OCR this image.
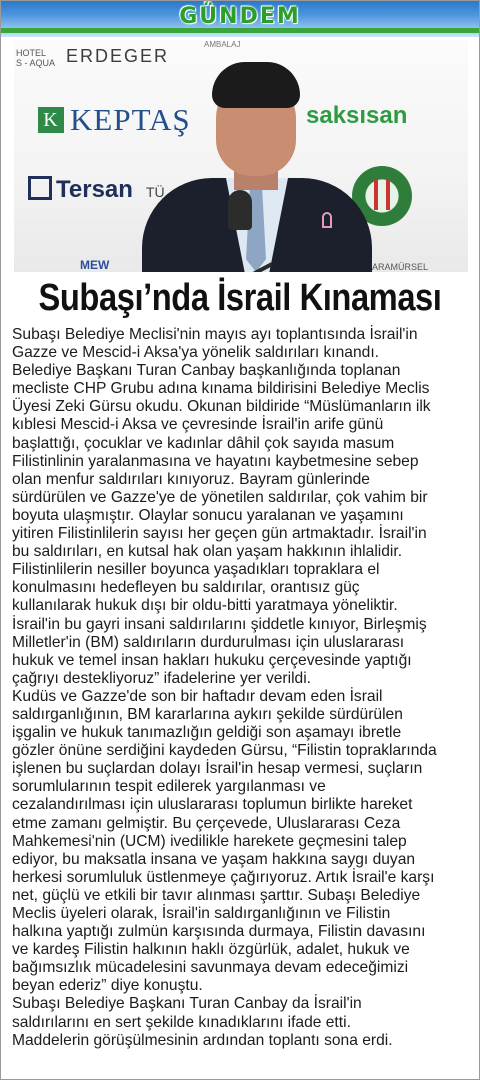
GÜNDEM
HOTEL
S - AQUA ERDEGER
AMBALAJ
K KEPTAŞ	saksısan
Tersan TÜ
MEW	ARAMÜRSEL
Subaşı’nda İsrail Kınaması
Subaşı Belediye Meclisi'nin mayıs ayı toplantısında İsrail'in
Gazze ve Mescid-i Aksa'ya yönelik saldırıları kınandı.
Belediye Başkanı Turan Canbay başkanlığında toplanan
mecliste CHP Grubu adına kınama bildirisini Belediye Meclis
Üyesi Zeki Gürsu okudu. Okunan bildiride “Müslümanların ilk
kıblesi Mescid-i Aksa ve çevresinde İsrail'in arife günü
başlattığı, çocuklar ve kadınlar dâhil çok sayıda masum
Filistinlinin yaralanmasına ve hayatını kaybetmesine sebep
olan menfur saldırıları kınıyoruz. Bayram günlerinde
sürdürülen ve Gazze'ye de yönetilen saldırılar, çok vahim bir
boyuta ulaşmıştır. Olaylar sonucu yaralanan ve yaşamını
yitiren Filistinlilerin sayısı her geçen gün artmaktadır. İsrail'in
bu saldırıları, en kutsal hak olan yaşam hakkının ihlalidir.
Filistinlilerin nesiller boyunca yaşadıkları topraklara el
konulmasını hedefleyen bu saldırılar, orantısız güç
kullanılarak hukuk dışı bir oldu-bitti yaratmaya yöneliktir.
İsrail'in bu gayri insani saldırılarını şiddetle kınıyor, Birleşmiş
Milletler'in (BM) saldırıların durdurulması için uluslararası
hukuk ve temel insan hakları hukuku çerçevesinde yaptığı
çağrıyı destekliyoruz” ifadelerine yer verildi.
Kudüs ve Gazze'de son bir haftadır devam eden İsrail
saldırganlığının, BM kararlarına aykırı şekilde sürdürülen
işgalin ve hukuk tanımazlığın geldiği son aşamayı ibretle
gözler önüne serdiğini kaydeden Gürsu, “Filistin topraklarında
işlenen bu suçlardan dolayı İsrail'in hesap vermesi, suçların
sorumlularının tespit edilerek yargılanması ve
cezalandırılması için uluslararası toplumun birlikte hareket
etme zamanı gelmiştir. Bu çerçevede, Uluslararası Ceza
Mahkemesi'nin (UCM) ivedilikle harekete geçmesini talep
ediyor, bu maksatla insana ve yaşam hakkına saygı duyan
herkesi sorumluluk üstlenmeye çağırıyoruz. Artık İsrail'e karşı
net, güçlü ve etkili bir tavır alınması şarttır. Subaşı Belediye
Meclis üyeleri olarak, İsrail'in saldırganlığının ve Filistin
halkına yaptığı zulmün karşısında durmaya, Filistin davasını
ve kardeş Filistin halkının haklı özgürlük, adalet, hukuk ve
bağımsızlık mücadelesini savunmaya devam edeceğimizi
beyan ederiz” diye konuştu.
Subaşı Belediye Başkanı Turan Canbay da İsrail'in
saldırılarını en sert şekilde kınadıklarını ifade etti.
Maddelerin görüşülmesinin ardından toplantı sona erdi.
